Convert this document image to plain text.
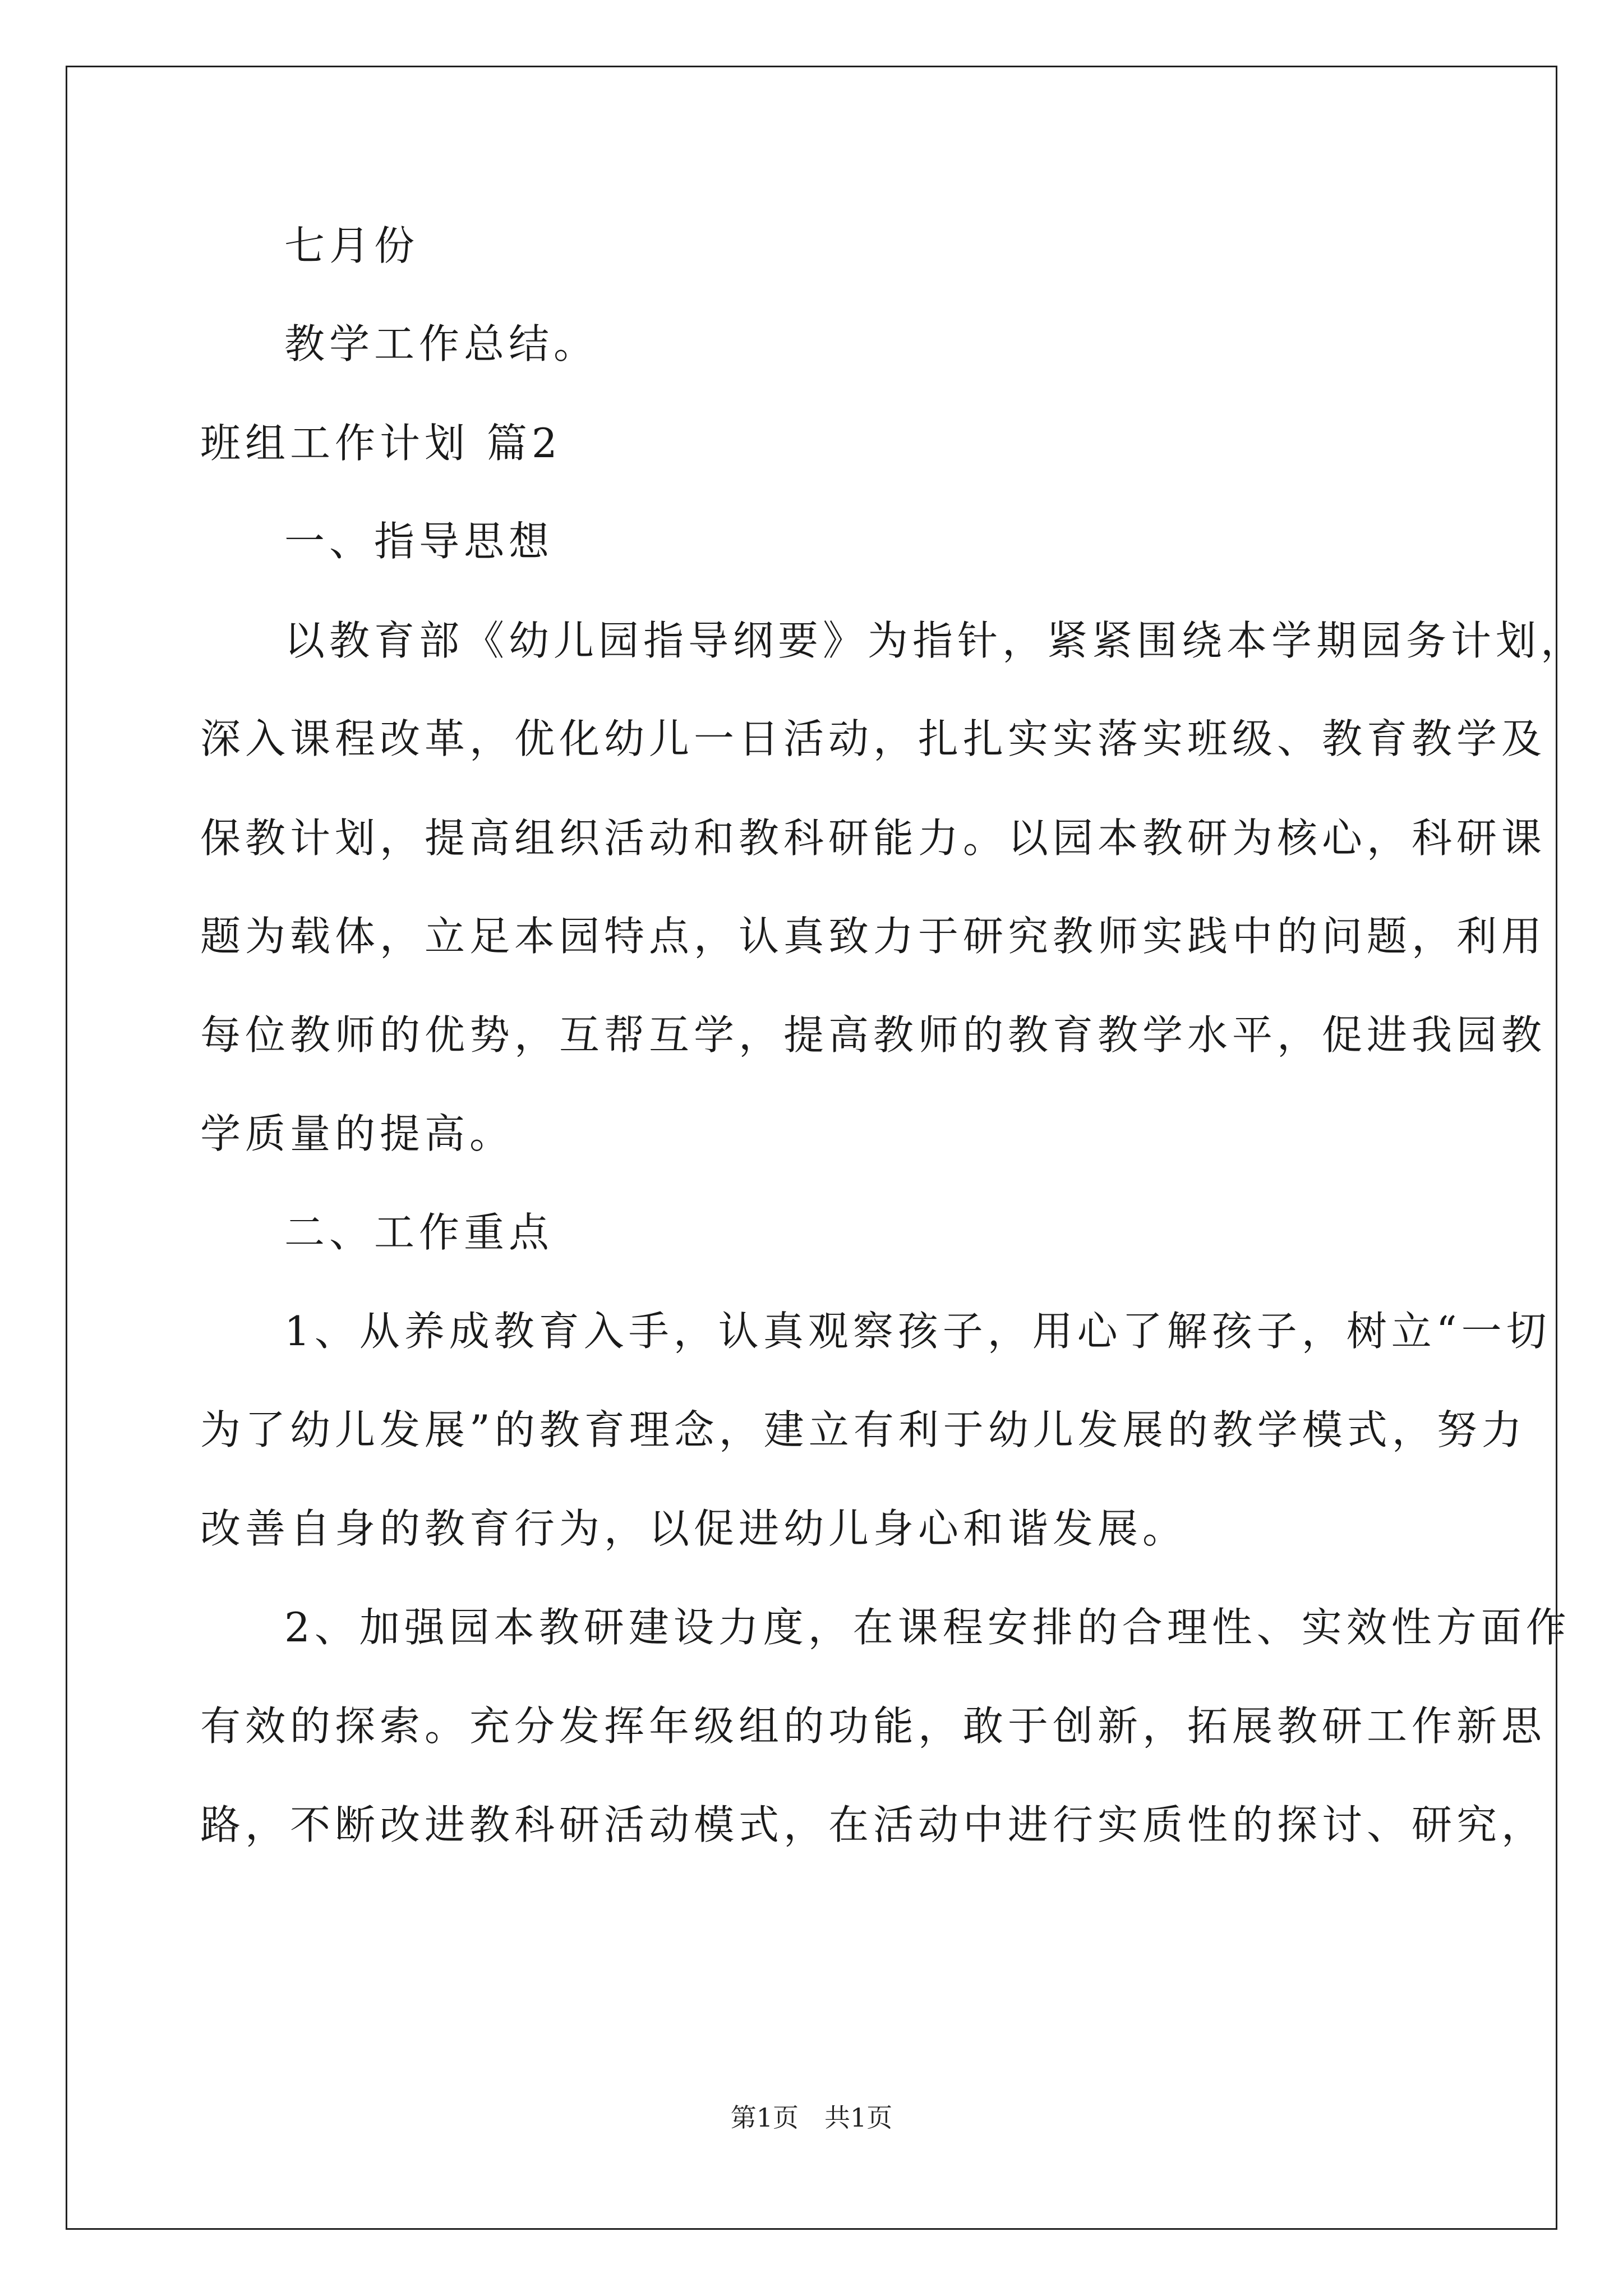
七月份
教学工作总结。
班组工作计划 篇2
一、指导思想
以教育部《幼儿园指导纲要》为指针，紧紧围绕本学期园务计划，
深入课程改革，优化幼儿一日活动，扎扎实实落实班级、教育教学及
保教计划，提高组织活动和教科研能力。以园本教研为核心，科研课
题为载体，立足本园特点，认真致力于研究教师实践中的问题，利用
每位教师的优势，互帮互学，提高教师的教育教学水平，促进我园教
学质量的提高。
二、工作重点
1、从养成教育入手，认真观察孩子，用心了解孩子，树立“一切
为了幼儿发展”的教育理念，建立有利于幼儿发展的教学模式，努力
改善自身的教育行为，以促进幼儿身心和谐发展。
2、加强园本教研建设力度，在课程安排的合理性、实效性方面作
有效的探索。充分发挥年级组的功能，敢于创新，拓展教研工作新思
路，不断改进教科研活动模式，在活动中进行实质性的探讨、研究，
第1页　共1页
